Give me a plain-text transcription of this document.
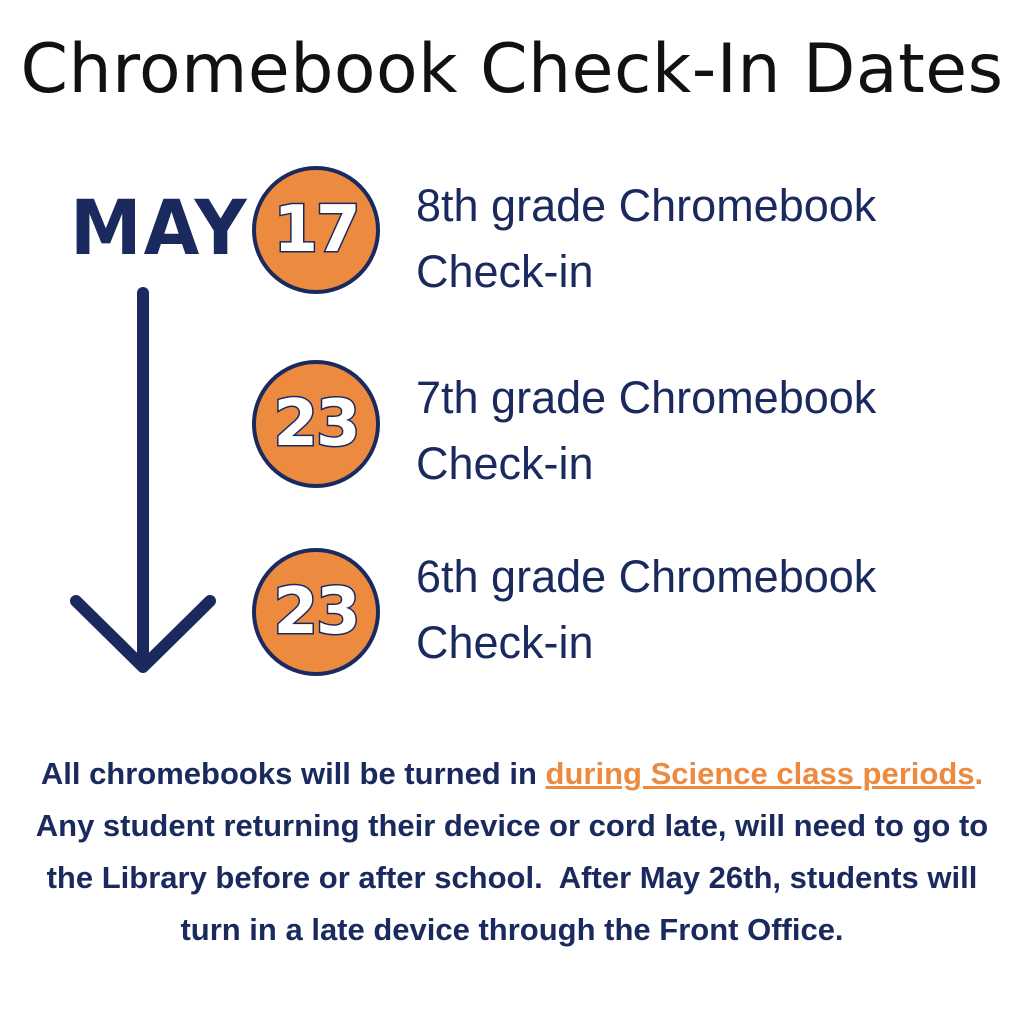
Chromebook Check-In Dates
MAY 17 8th grade Chromebook
Check-in
23 7th grade Chromebook
Check-in
23 6th grade Chromebook
Check-in
All chromebooks will be turned in during Science class periods.  Any student returning their device or cord late, will need to go to the Library before or after school.  After May 26th, students will turn in a late device through the Front Office.
